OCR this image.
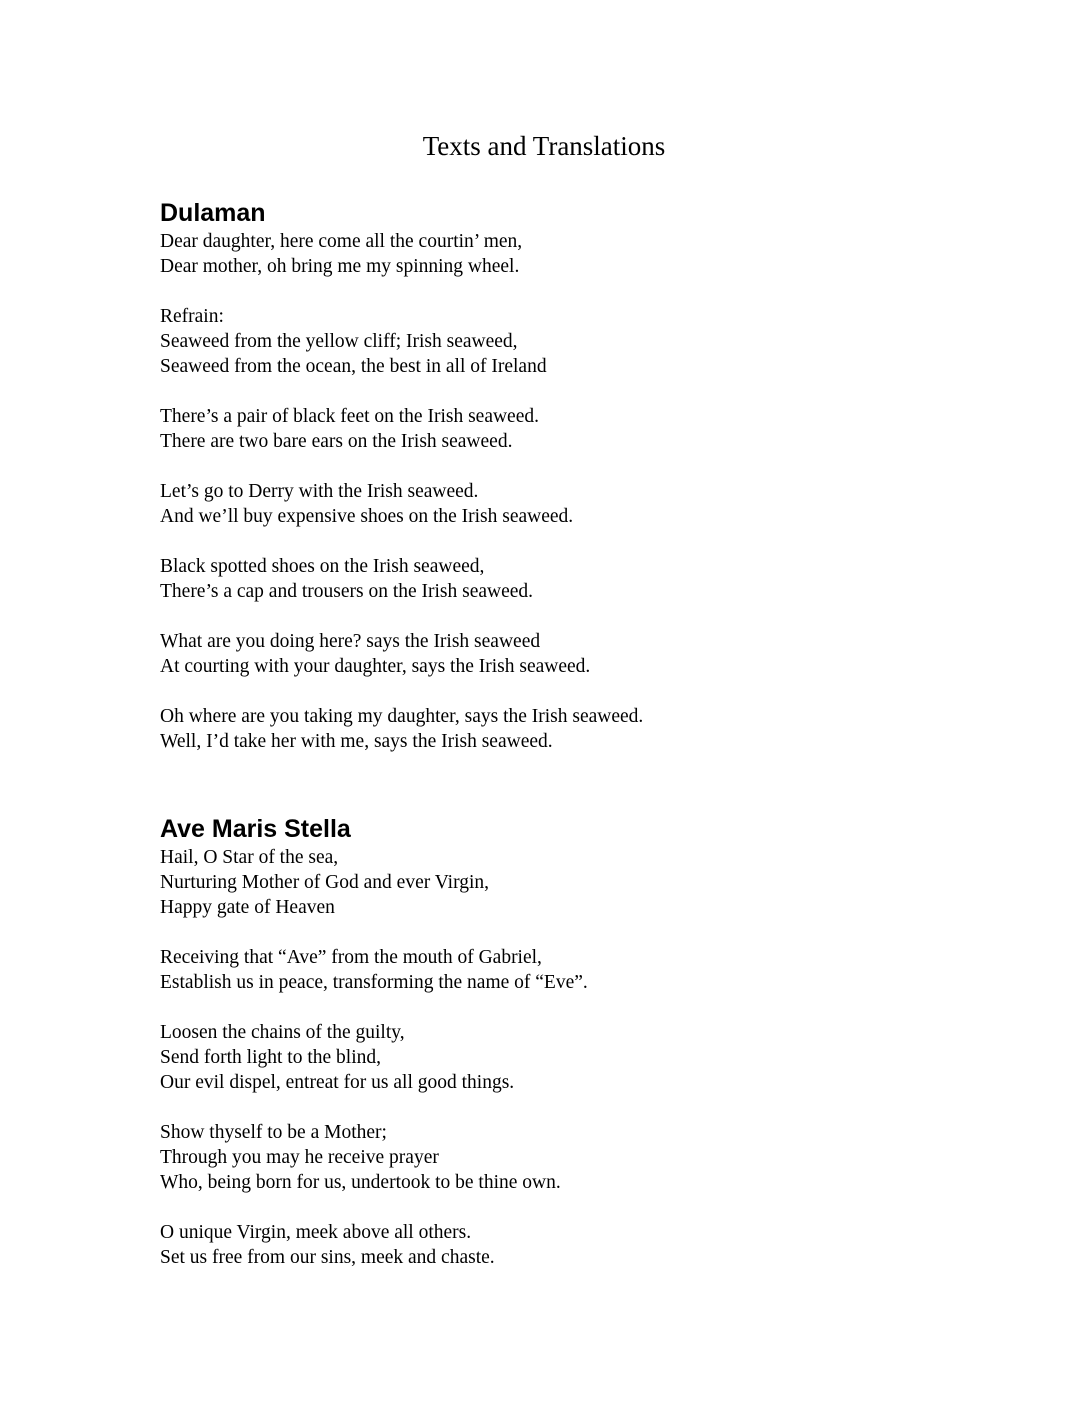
Texts and Translations
Dulaman
Dear daughter, here come all the courtin’ men,
Dear mother, oh bring me my spinning wheel.
Refrain:
Seaweed from the yellow cliff; Irish seaweed,
Seaweed from the ocean, the best in all of Ireland
There’s a pair of black feet on the Irish seaweed.
There are two bare ears on the Irish seaweed.
Let’s go to Derry with the Irish seaweed.
And we’ll buy expensive shoes on the Irish seaweed.
Black spotted shoes on the Irish seaweed,
There’s a cap and trousers on the Irish seaweed.
What are you doing here? says the Irish seaweed
At courting with your daughter, says the Irish seaweed.
Oh where are you taking my daughter, says the Irish seaweed.
Well, I’d take her with me, says the Irish seaweed.
Ave Maris Stella
Hail, O Star of the sea,
Nurturing Mother of God and ever Virgin,
Happy gate of Heaven
Receiving that “Ave” from the mouth of Gabriel,
Establish us in peace, transforming the name of “Eve”.
Loosen the chains of the guilty,
Send forth light to the blind,
Our evil dispel, entreat for us all good things.
Show thyself to be a Mother;
Through you may he receive prayer
Who, being born for us, undertook to be thine own.
O unique Virgin, meek above all others.
Set us free from our sins, meek and chaste.
